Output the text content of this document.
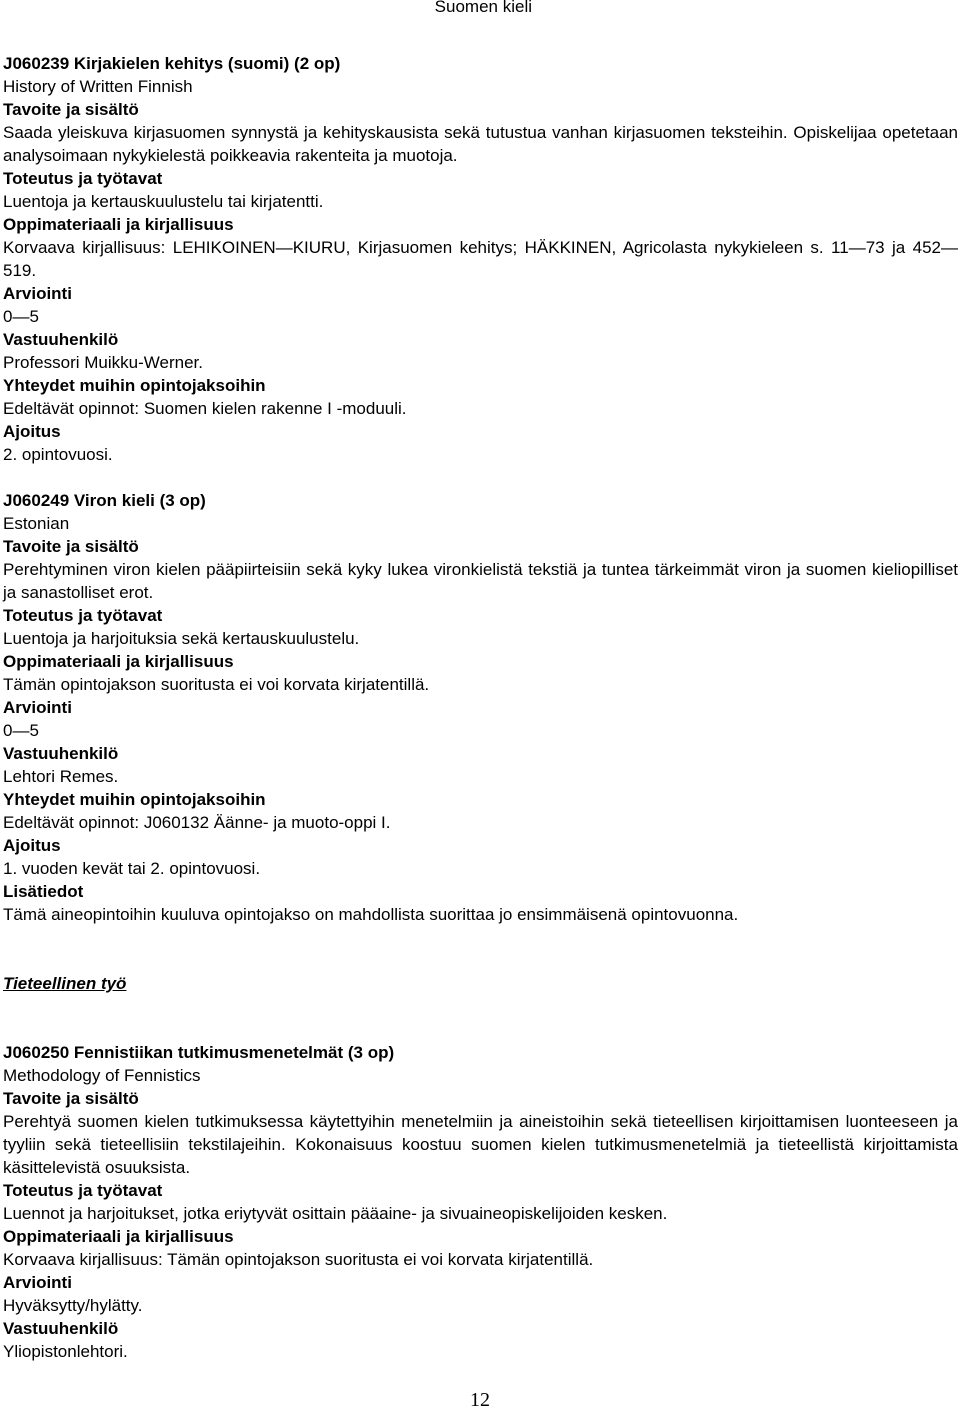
Suomen kieli
J060239 Kirjakielen kehitys (suomi) (2 op)
History of Written Finnish
Tavoite ja sisältö
Saada yleiskuva kirjasuomen synnystä ja kehityskausista sekä tutustua vanhan kirjasuomen teksteihin. Opiskelijaa opetetaan analysoimaan nykykielestä poikkeavia rakenteita ja muotoja.
Toteutus ja työtavat
Luentoja ja kertauskuulustelu tai kirjatentti.
Oppimateriaali ja kirjallisuus
Korvaava kirjallisuus: LEHIKOINEN—KIURU, Kirjasuomen kehitys; HÄKKINEN, Agricolasta nykykieleen s. 11—73 ja 452—519.
Arviointi
0—5
Vastuuhenkilö
Professori Muikku-Werner.
Yhteydet muihin opintojaksoihin
Edeltävät opinnot: Suomen kielen rakenne I -moduuli.
Ajoitus
2. opintovuosi.
J060249 Viron kieli (3 op)
Estonian
Tavoite ja sisältö
Perehtyminen viron kielen pääpiirteisiin sekä kyky lukea vironkielistä tekstiä ja tuntea tärkeimmät viron ja suomen kieliopilliset ja sanastolliset erot.
Toteutus ja työtavat
Luentoja ja harjoituksia sekä kertauskuulustelu.
Oppimateriaali ja kirjallisuus
Tämän opintojakson suoritusta ei voi korvata kirjatentillä.
Arviointi
0—5
Vastuuhenkilö
Lehtori Remes.
Yhteydet muihin opintojaksoihin
Edeltävät opinnot: J060132 Äänne- ja muoto-oppi I.
Ajoitus
1. vuoden kevät tai 2. opintovuosi.
Lisätiedot
Tämä aineopintoihin kuuluva opintojakso on mahdollista suorittaa jo ensimmäisenä opintovuonna.
Tieteellinen työ
J060250 Fennistiikan tutkimusmenetelmät (3 op)
Methodology of Fennistics
Tavoite ja sisältö
Perehtyä suomen kielen tutkimuksessa käytettyihin menetelmiin ja aineistoihin sekä tieteellisen kirjoittamisen luonteeseen ja tyyliin sekä tieteellisiin tekstilajeihin. Kokonaisuus koostuu suomen kielen tutkimusmenetelmiä ja tieteellistä kirjoittamista käsittelevistä osuuksista.
Toteutus ja työtavat
Luennot ja harjoitukset, jotka eriytyvät osittain pääaine- ja sivuaineopiskelijoiden kesken.
Oppimateriaali ja kirjallisuus
Korvaava kirjallisuus: Tämän opintojakson suoritusta ei voi korvata kirjatentillä.
Arviointi
Hyväksytty/hylätty.
Vastuuhenkilö
Yliopistonlehtori.
12
